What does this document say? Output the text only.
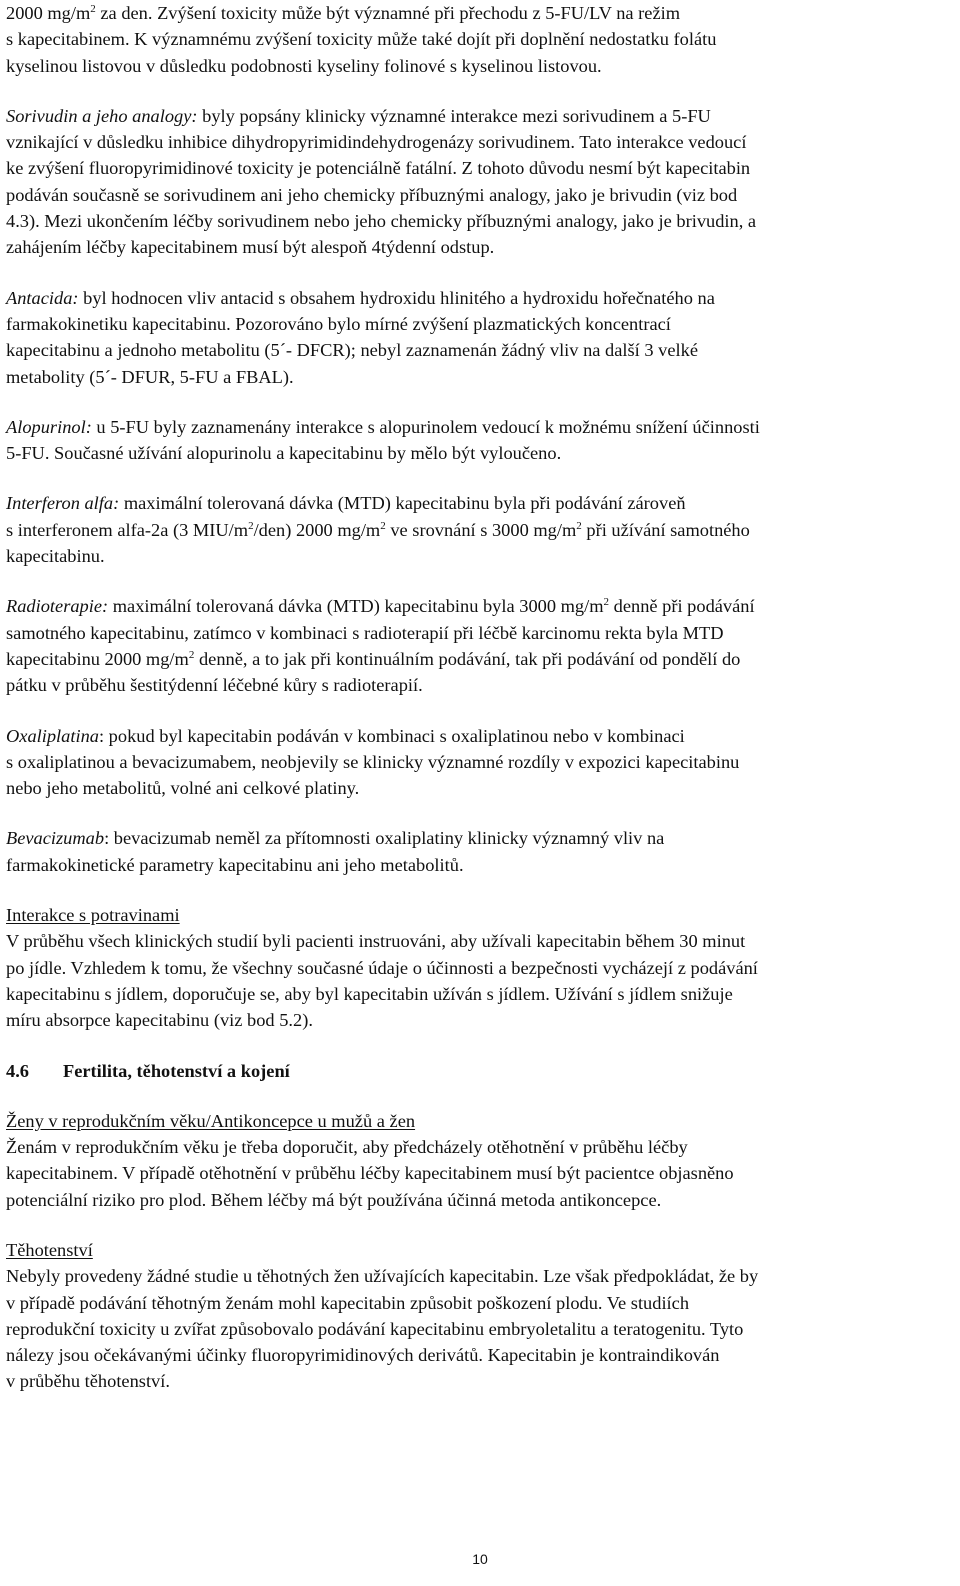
2000 $mg/m^2$ za den. Zvýšení toxicity může být významné při přechodu z 5-FU/LV na režim

s kapecitabinem. K významnému zvýšení toxicity může také dojít při doplnění nedostatku folátu

kyselinou listovou v důsledku podobnosti kyseliny folinové s kyselinou listovou.

Sorivudin a jeho analogy: byly popsány klinicky významné interakce mezi sorivudinem a 5-FU

vznikající v důsledku inhibice dihydropyrimidindehydrogenázy sorivudinem. Tato interakce vedoucí

ke zvýšení fluoropyrimidinové toxicity je potenciálně fatální. Z tohoto důvodu nesmí být kapecitabin

podáván současně se sorivudinem ani jeho chemicky příbuznými analogy, jako je brivudin (viz bod

4.3). Mezi ukončením léčby sorivudinem nebo jeho chemicky příbuznými analogy, jako je brivudin, a

zahájením léčby kapecitabinem musí být alespoň 4týdenní odstup.

Antacida: byl hodnocen vliv antacid s obsahem hydroxidu hlinitého a hydroxidu hořečnatého na

farmakokinetiku kapecitabinu. Pozorováno bylo mírné zvýšení plazmatických koncentrací

kapecitabinu a jednoho metabolitu (5´- DFCR); nebyl zaznamenán žádný vliv na další 3 velké

metabolity (5´- DFUR, 5-FU a FBAL).

Alopurinol: u 5-FU byly zaznamenány interakce s alopurinolem vedoucí k možnému snížení účinnosti

5-FU. Současné užívání alopurinolu a kapecitabinu by mělo být vyloučeno.

Interferon alfa: maximální tolerovaná dávka (MTD) kapecitabinu byla při podávání zároveň

s interferonem alfa-2a (3 MIU/$m^2/den$) 2000 $mg/m^2$ ve srovnání s 3000 $mg/m^2$ při užívání samotného

kapecitabinu.

Radioterapie: maximální tolerovaná dávka (MTD) kapecitabinu byla 3000 $mg/m^2$ denně při podávání

samotného kapecitabinu, zatímco v kombinaci s radioterapií při léčbě karcinomu rekta byla MTD

kapecitabinu 2000 $mg/m^2$ denně, a to jak při kontinuálním podávání, tak při podávání od pondělí do

pátku v průběhu šestitýdenní léčebné kůry s radioterapií.

Oxaliplatina: pokud byl kapecitabin podáván v kombinaci s oxaliplatinou nebo v kombinaci

s oxaliplatinou a bevacizumabem, neobjevily se klinicky významné rozdíly v expozici kapecitabinu

nebo jeho metabolitů, volné ani celkové platiny.

Bevacizumab: bevacizumab neměl za přítomnosti oxaliplatiny klinicky významný vliv na

farmakokinetické parametry kapecitabinu ani jeho metabolitů.

Interakce s potravinami

V průběhu všech klinických studií byli pacienti instruováni, aby užívali kapecitabin během 30 minut

po jídle. Vzhledem k tomu, že všechny současné údaje o účinnosti a bezpečnosti vycházejí z podávání

kapecitabinu s jídlem, doporučuje se, aby byl kapecitabin užíván s jídlem. Užívání s jídlem snižuje

míru absorpce kapecitabinu (viz bod 5.2).

4.6 Fertilita, těhotenství a kojení

Ženy v reprodukčním věku/Antikoncepce u mužů a žen

Ženám v reprodukčním věku je třeba doporučit, aby předcházely otěhotnění v průběhu léčby

kapecitabinem. V případě otěhotnění v průběhu léčby kapecitabinem musí být pacientce objasněno

potenciální riziko pro plod. Během léčby má být používána účinná metoda antikoncepce.

Těhotenství

Nebyly provedeny žádné studie u těhotných žen užívajících kapecitabin. Lze však předpokládat, že by

v případě podávání těhotným ženám mohl kapecitabin způsobit poškození plodu. Ve studiích

reprodukční toxicity u zvířat způsobovalo podávání kapecitabinu embryoletalitu a teratogenitu. Tyto

nálezy jsou očekávanými účinky fluoropyrimidinových derivátů. Kapecitabin je kontraindikován

v průběhu těhotenství.

10
